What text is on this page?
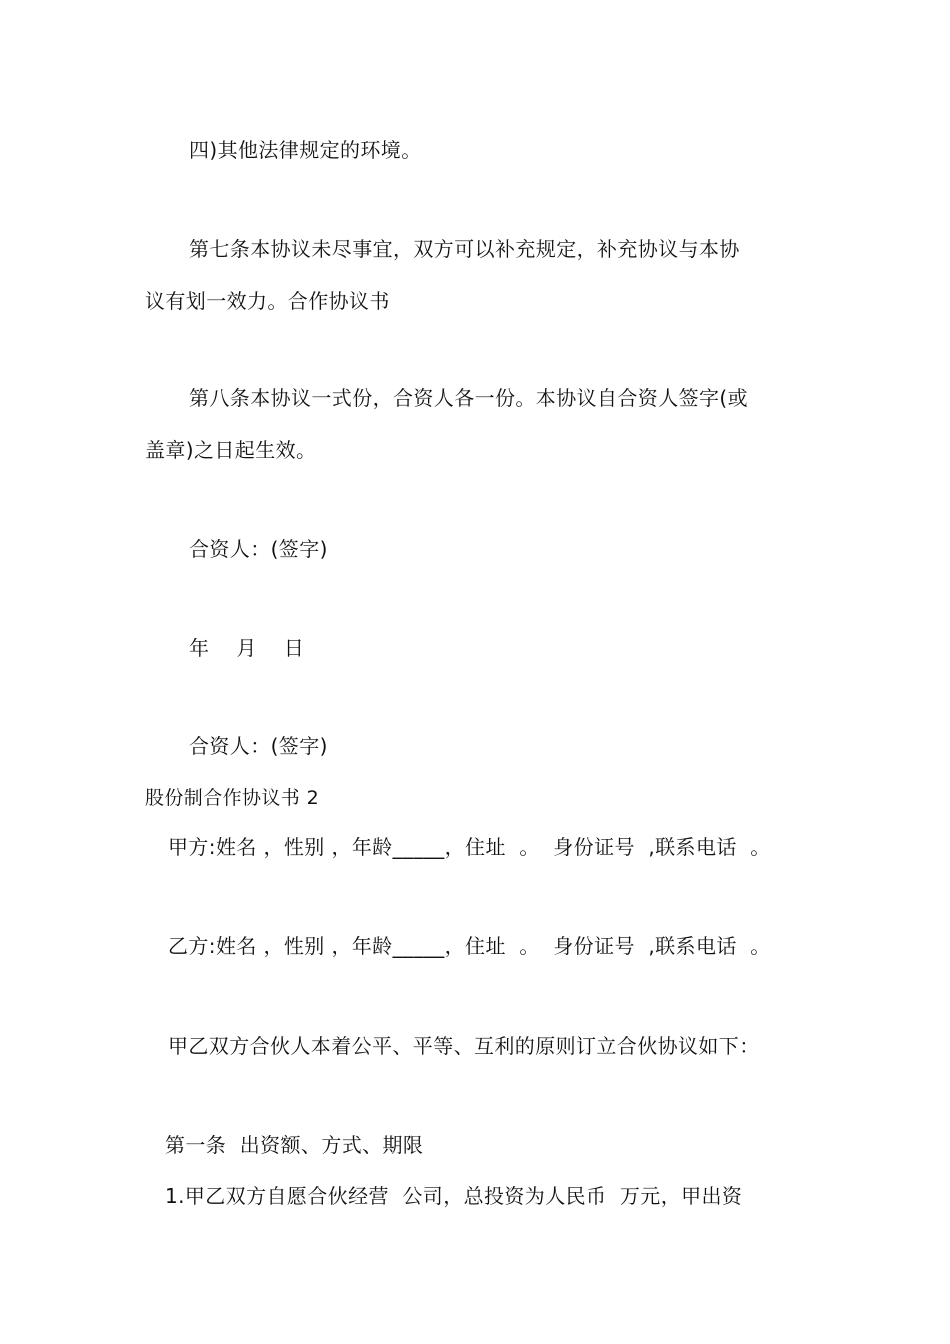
四)其他法律规定的环境。
第七条本协议未尽事宜，双方可以补充规定，补充协议与本协
议有划一效力。合作协议书
第八条本协议一式份，合资人各一份。本协议自合资人签字(或
盖章)之日起生效。
合资人：(签字)
年    月    日
合资人：(签字)
股份制合作协议书 2
甲方:姓名 ，性别 ，年龄_____，住址  。  身份证号  ,联系电话  。
乙方:姓名 ，性别 ，年龄_____，住址  。  身份证号  ,联系电话  。
甲乙双方合伙人本着公平、平等、互利的原则订立合伙协议如下：
第一条  出资额、方式、期限
1.甲乙双方自愿合伙经营  公司，总投资为人民币  万元，甲出资
